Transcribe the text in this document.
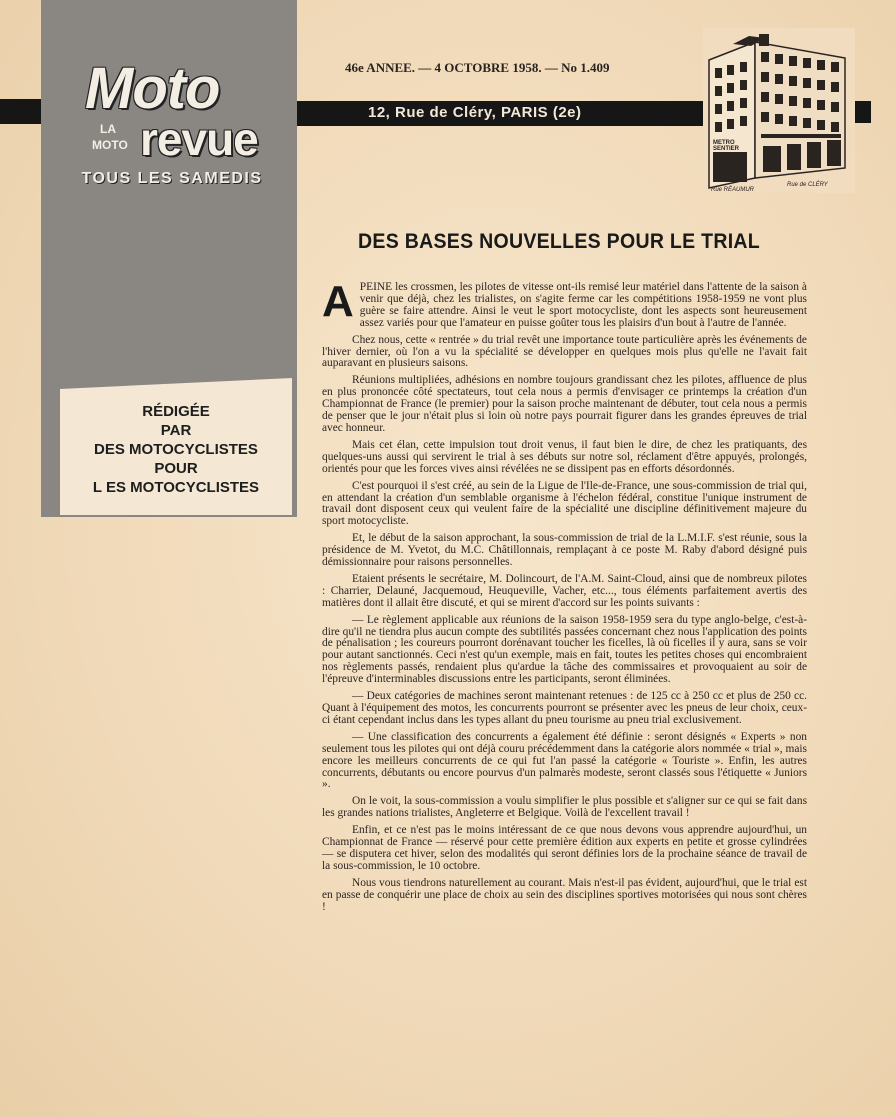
Moto
LA
MOTO revue
TOUS LES SAMEDIS
RÉDIGÉE
PAR
DES MOTOCYCLISTES
POUR
L ES MOTOCYCLISTES
46e ANNEE. — 4 OCTOBRE 1958. — No 1.409
12, Rue de Cléry, PARIS (2e)
METRO
SENTIER
Rue RÉAUMUR
Rue de CLÉRY
DES BASES NOUVELLES POUR LE TRIAL

APEINE les crossmen, les pilotes de vitesse ont-ils remisé leur matériel dans l'attente de la saison à venir que déjà, chez les trialistes, on s'agite ferme car les compétitions 1958-1959 ne vont plus guère se faire attendre. Ainsi le veut le sport motocycliste, dont les aspects sont heureusement assez variés pour que l'amateur en puisse goûter tous les plaisirs d'un bout à l'autre de l'année.

Chez nous, cette « rentrée » du trial revêt une importance toute particulière après les événements de l'hiver dernier, où l'on a vu la spécialité se développer en quelques mois plus qu'elle ne l'avait fait auparavant en plusieurs saisons.

Réunions multipliées, adhésions en nombre toujours grandissant chez les pilotes, affluence de plus en plus prononcée côté spectateurs, tout cela nous a permis d'envisager ce printemps la création d'un Championnat de France (le premier) pour la saison proche maintenant de débuter, tout cela nous a permis de penser que le jour n'était plus si loin où notre pays pourrait figurer dans les grandes épreuves de trial avec honneur.

Mais cet élan, cette impulsion tout droit venus, il faut bien le dire, de chez les pratiquants, des quelques-uns aussi qui servirent le trial à ses débuts sur notre sol, réclament d'être appuyés, prolongés, orientés pour que les forces vives ainsi révélées ne se dissipent pas en efforts désordonnés.

C'est pourquoi il s'est créé, au sein de la Ligue de l'Ile-de-France, une sous-commission de trial qui, en attendant la création d'un semblable organisme à l'échelon fédéral, constitue l'unique instrument de travail dont disposent ceux qui veulent faire de la spécialité une discipline définitivement majeure du sport motocycliste.

Et, le début de la saison approchant, la sous-commission de trial de la L.M.I.F. s'est réunie, sous la présidence de M. Yvetot, du M.C. Châtillonnais, remplaçant à ce poste M. Raby d'abord désigné puis démissionnaire pour raisons personnelles.

Etaient présents le secrétaire, M. Dolincourt, de l'A.M. Saint-Cloud, ainsi que de nombreux pilotes : Charrier, Delauné, Jacquemoud, Heuqueville, Vacher, etc..., tous éléments parfaitement avertis des matières dont il allait être discuté, et qui se mirent d'accord sur les points suivants :

— Le règlement applicable aux réunions de la saison 1958-1959 sera du type anglo-belge, c'est-à-dire qu'il ne tiendra plus aucun compte des subtilités passées concernant chez nous l'application des points de pénalisation ; les coureurs pourront dorénavant toucher les ficelles, là où ficelles il y aura, sans se voir pour autant sanctionnés. Ceci n'est qu'un exemple, mais en fait, toutes les petites choses qui encombraient nos règlements passés, rendaient plus qu'ardue la tâche des commissaires et provoquaient au soir de l'épreuve d'interminables discussions entre les participants, seront éliminées.

— Deux catégories de machines seront maintenant retenues : de 125 cc à 250 cc et plus de 250 cc. Quant à l'équipement des motos, les concurrents pourront se présenter avec les pneus de leur choix, ceux-ci étant cependant inclus dans les types allant du pneu tourisme au pneu trial exclusivement.

— Une classification des concurrents a également été définie : seront désignés « Experts » non seulement tous les pilotes qui ont déjà couru précédemment dans la catégorie alors nommée « trial », mais encore les meilleurs concurrents de ce qui fut l'an passé la catégorie « Touriste ». Enfin, les autres concurrents, débutants ou encore pourvus d'un palmarès modeste, seront classés sous l'étiquette « Juniors ».

On le voit, la sous-commission a voulu simplifier le plus possible et s'aligner sur ce qui se fait dans les grandes nations trialistes, Angleterre et Belgique. Voilà de l'excellent travail !

Enfin, et ce n'est pas le moins intéressant de ce que nous devons vous apprendre aujourd'hui, un Championnat de France — réservé pour cette première édition aux experts en petite et grosse cylindrées — se disputera cet hiver, selon des modalités qui seront définies lors de la prochaine séance de travail de la sous-commission, le 10 octobre.

Nous vous tiendrons naturellement au courant. Mais n'est-il pas évident, aujourd'hui, que le trial est en passe de conquérir une place de choix au sein des disciplines sportives motorisées qui nous sont chères !
